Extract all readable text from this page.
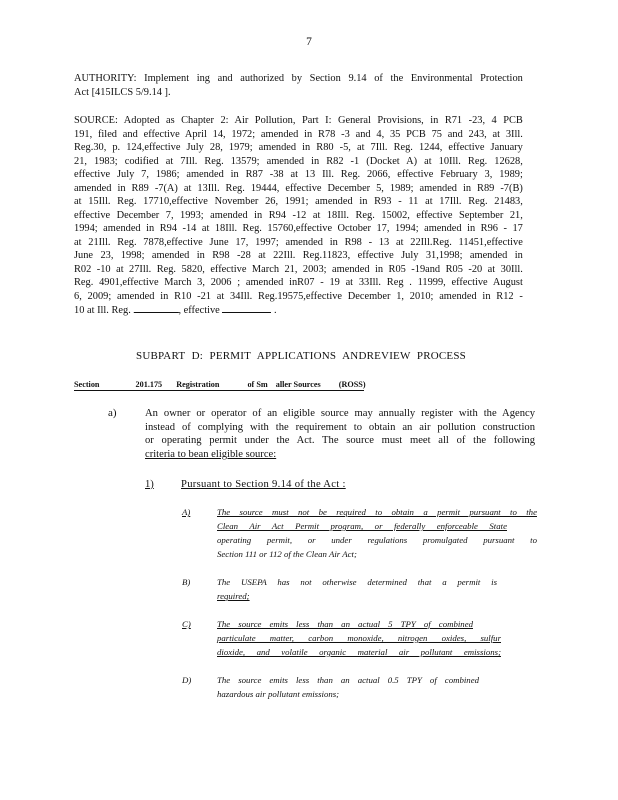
7
AUTHORITY: Implement ing and authorized by Section 9.14 of the Environmental Protection
Act [415ILCS 5/9.14 ].
SOURCE: Adopted as Chapter 2: Air Pollution, Part I: General Provisions, in R71 -23, 4 PCB
191, filed and effective April 14, 1972; amended in R78 -3 and 4, 35 PCB 75 and 243, at 3Ill.
Reg.30, p. 124,effective July 28, 1979; amended in R80 -5, at 7Ill. Reg. 1244, effective January
21, 1983; codified at 7Ill. Reg. 13579; amended in R82 -1 (Docket A) at 10Ill. Reg. 12628,
effective July 7, 1986; amended in R87 -38 at 13 Ill. Reg. 2066, effective February 3, 1989;
amended in R89 -7(A) at 13Ill. Reg. 19444, effective December 5, 1989; amended in R89 -7(B)
at 15Ill. Reg. 17710,effective November 26, 1991; amended in R93 - 11 at 17Ill. Reg. 21483,
effective December 7, 1993; amended in R94 -12 at 18Ill. Reg. 15002, effective September 21,
1994; amended in R94 -14 at 18Ill. Reg. 15760,effective October 17, 1994; amended in R96 - 17
at 21Ill. Reg. 7878,effective June 17, 1997; amended in R98 - 13 at 22Ill.Reg. 11451,effective
June 23, 1998; amended in R98 -28 at 22Ill. Reg.11823, effective July 31,1998; amended in
R02 -10 at 27Ill. Reg. 5820, effective March 21, 2003; amended in R05 -19and R05 -20 at 30Ill.
Reg. 4901,effective March 3, 2006 ; amended inR07 - 19 at 33Ill. Reg . 11999, effective August
6, 2009; amended in R10 -21 at 34Ill. Reg.19575,effective December 1, 2010; amended in R12 -
10 at Ill. Reg.	, effective	.
SUBPART D: PERMIT APPLICATIONS ANDREVIEW PROCESS
Section	201.175 Registration	of Sm aller Sources (ROSS)
a)	An owner or operator of an eligible source may annually register with the Agency
instead of complying with the requirement to obtain an air pollution construction
or operating permit under the Act. The source must meet all of the following
criteria to bean eligible source:
1)	Pursuant to Section 9.14 of the Act :
A)	The source must not be required to obtain a permit pursuant to the
Clean Air Act Permit program, or federally enforceable State
operating permit, or under regulations promulgated pursuant to
Section 111 or 112 of the Clean Air Act;
B)	The USEPA has not otherwise determined that a permit is
required;
C)	The source emits less than an actual 5 TPY of combined
particulate matter, carbon monoxide, nitrogen oxides, sulfur
dioxide, and volatile organic material air pollutant emissions;
D)	The source emits less than an actual 0.5 TPY of combined
hazardous air pollutant emissions;
